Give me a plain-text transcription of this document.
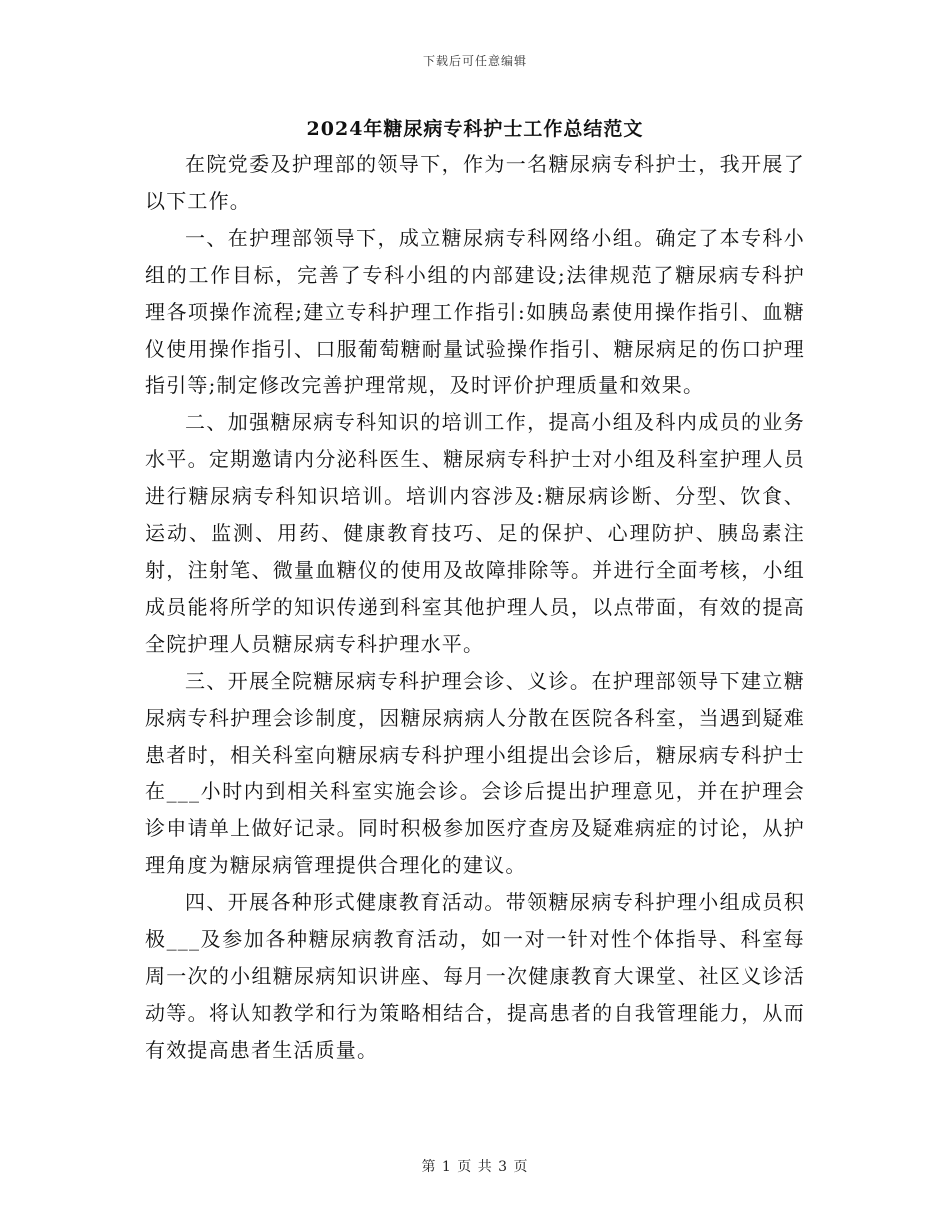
下载后可任意编辑
2024年糖尿病专科护士工作总结范文

在院党委及护理部的领导下，作为一名糖尿病专科护士，我开展了以下工作。

一、在护理部领导下，成立糖尿病专科网络小组。确定了本专科小组的工作目标，完善了专科小组的内部建设;法律规范了糖尿病专科护理各项操作流程;建立专科护理工作指引:如胰岛素使用操作指引、血糖仪使用操作指引、口服葡萄糖耐量试验操作指引、糖尿病足的伤口护理指引等;制定修改完善护理常规，及时评价护理质量和效果。

二、加强糖尿病专科知识的培训工作，提高小组及科内成员的业务水平。定期邀请内分泌科医生、糖尿病专科护士对小组及科室护理人员进行糖尿病专科知识培训。培训内容涉及:糖尿病诊断、分型、饮食、运动、监测、用药、健康教育技巧、足的保护、心理防护、胰岛素注射，注射笔、微量血糖仪的使用及故障排除等。并进行全面考核，小组成员能将所学的知识传递到科室其他护理人员，以点带面，有效的提高全院护理人员糖尿病专科护理水平。

三、开展全院糖尿病专科护理会诊、义诊。在护理部领导下建立糖尿病专科护理会诊制度，因糖尿病病人分散在医院各科室，当遇到疑难患者时，相关科室向糖尿病专科护理小组提出会诊后，糖尿病专科护士在___小时内到相关科室实施会诊。会诊后提出护理意见，并在护理会诊申请单上做好记录。同时积极参加医疗查房及疑难病症的讨论，从护理角度为糖尿病管理提供合理化的建议。

四、开展各种形式健康教育活动。带领糖尿病专科护理小组成员积极___及参加各种糖尿病教育活动，如一对一针对性个体指导、科室每周一次的小组糖尿病知识讲座、每月一次健康教育大课堂、社区义诊活动等。将认知教学和行为策略相结合，提高患者的自我管理能力，从而有效提高患者生活质量。

第 1 页 共 3 页
